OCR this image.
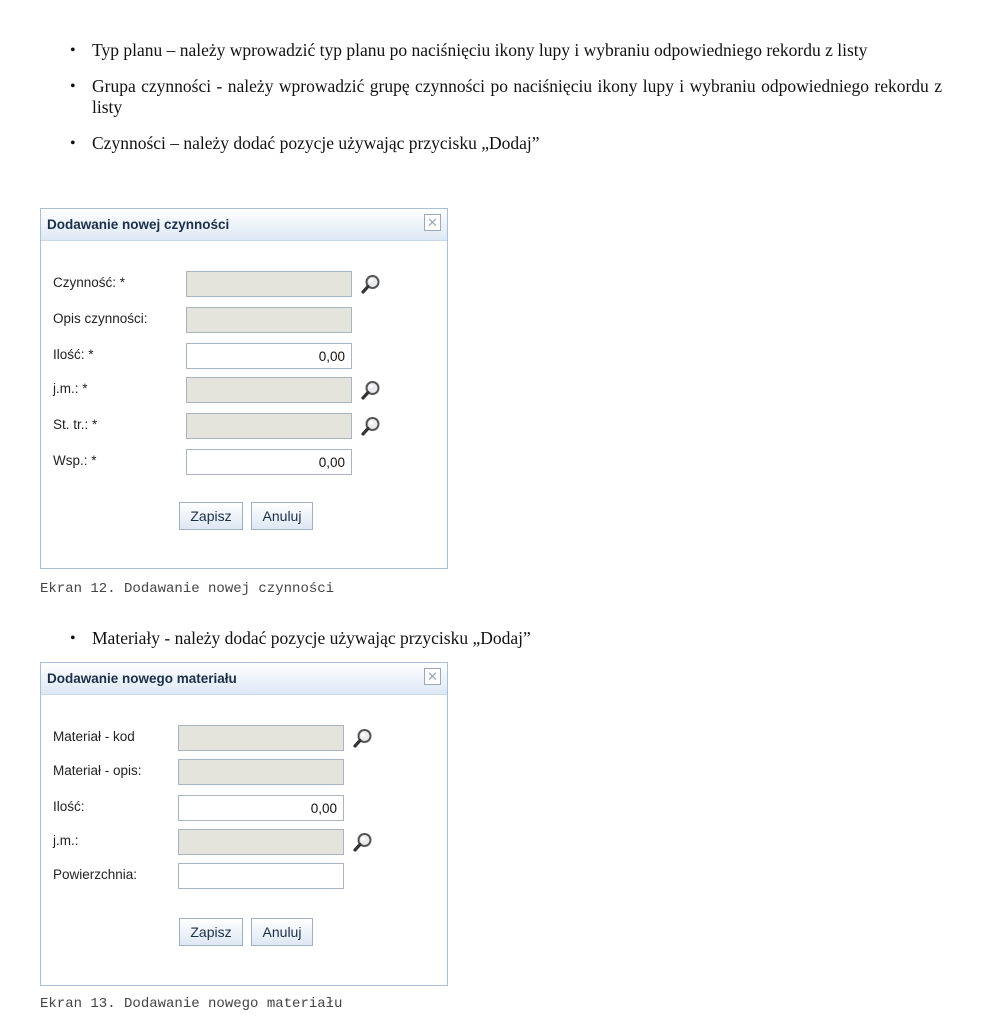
• Typ planu – należy wprowadzić typ planu po naciśnięciu ikony lupy i wybraniu odpowiedniego rekordu z listy
• Grupa czynności - należy wprowadzić grupę czynności po naciśnięciu ikony lupy i wybraniu odpowiedniego rekordu z listy
• Czynności – należy dodać pozycje używając przycisku „Dodaj”
Dodawanie nowej czynności	✕
Czynność: *
Opis czynności:
Ilość: *	0,00
j.m.: *
St. tr.: *
Wsp.: *	0,00
Zapisz	Anuluj
Ekran 12. Dodawanie nowej czynności
• Materiały - należy dodać pozycje używając przycisku „Dodaj”
Dodawanie nowego materiału	✕
Materiał - kod
Materiał - opis:
Ilość:	0,00
j.m.:
Powierzchnia:
Zapisz	Anuluj
Ekran 13. Dodawanie nowego materiału
